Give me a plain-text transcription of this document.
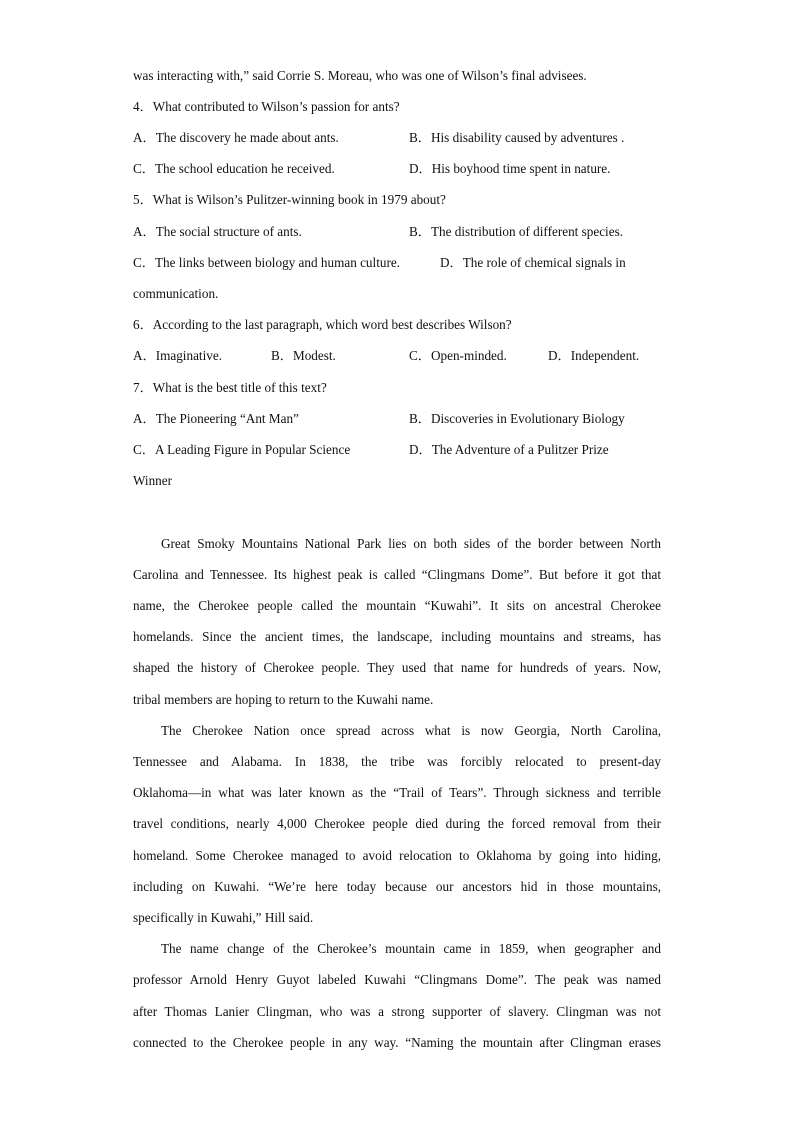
was interacting with,” said Corrie S. Moreau, who was one of Wilson’s final advisees.
4．What contributed to Wilson’s passion for ants?
A．The discovery he made about ants.	B．His disability caused by adventures .
C．The school education he received.	D．His boyhood time spent in nature.
5．What is Wilson’s Pulitzer-winning book in 1979 about?
A．The social structure of ants.	B．The distribution of different species.
C．The links between biology and human culture.	D．The role of chemical signals in
communication.
6．According to the last paragraph, which word best describes Wilson?
A．Imaginative.	B．Modest.	C．Open-minded.	D．Independent.
7．What is the best title of this text?
A．The Pioneering “Ant Man”	B．Discoveries in Evolutionary Biology
C．A Leading Figure in Popular Science	D．The Adventure of a Pulitzer Prize
Winner
Great Smoky Mountains National Park lies on both sides of the border between North
Carolina and Tennessee. Its highest peak is called “Clingmans Dome”. But before it got that
name, the Cherokee people called the mountain “Kuwahi”. It sits on ancestral Cherokee
homelands. Since the ancient times, the landscape, including mountains and streams, has
shaped the history of Cherokee people. They used that name for hundreds of years. Now,
tribal members are hoping to return to the Kuwahi name.
The Cherokee Nation once spread across what is now Georgia, North Carolina,
Tennessee and Alabama. In 1838, the tribe was forcibly relocated to present-day
Oklahoma—in what was later known as the “Trail of Tears”. Through sickness and terrible
travel conditions, nearly 4,000 Cherokee people died during the forced removal from their
homeland. Some Cherokee managed to avoid relocation to Oklahoma by going into hiding,
including on Kuwahi. “We’re here today because our ancestors hid in those mountains,
specifically in Kuwahi,” Hill said.
The name change of the Cherokee’s mountain came in 1859, when geographer and
professor Arnold Henry Guyot labeled Kuwahi “Clingmans Dome”. The peak was named
after Thomas Lanier Clingman, who was a strong supporter of slavery. Clingman was not
connected to the Cherokee people in any way. “Naming the mountain after Clingman erases
